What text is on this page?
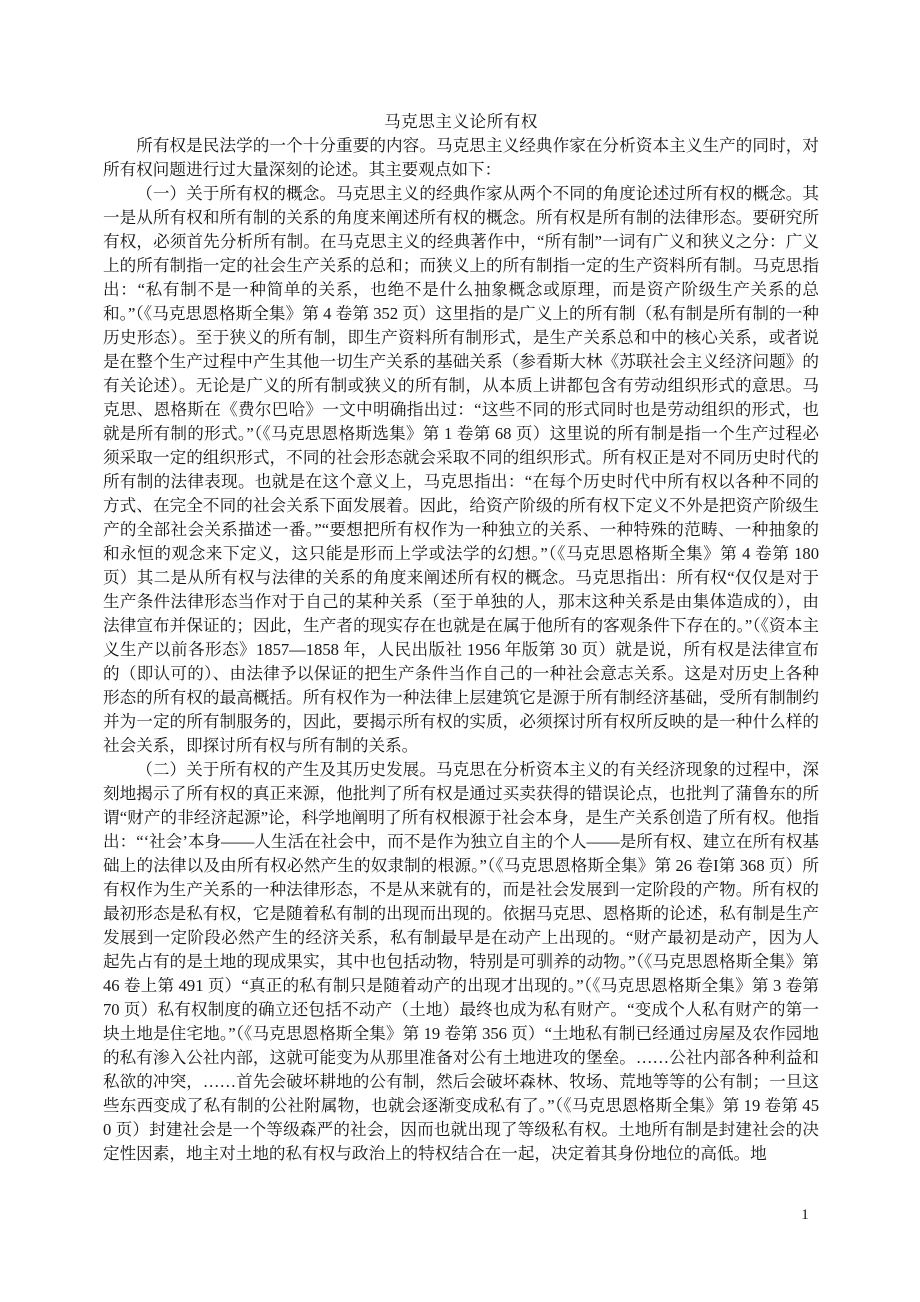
马克思主义论所有权

所有权是民法学的一个十分重要的内容。马克思主义经典作家在分析资本主义生产的同时，对所有权问题进行过大量深刻的论述。其主要观点如下：

（一）关于所有权的概念。马克思主义的经典作家从两个不同的角度论述过所有权的概念。其一是从所有权和所有制的关系的角度来阐述所有权的概念。所有权是所有制的法律形态。要研究所有权，必须首先分析所有制。在马克思主义的经典著作中，“所有制”一词有广义和狭义之分：广义上的所有制指一定的社会生产关系的总和；而狭义上的所有制指一定的生产资料所有制。马克思指出：“私有制不是一种简单的关系，也绝不是什么抽象概念或原理，而是资产阶级生产关系的总和。”（《马克思恩格斯全集》第 4 卷第 352 页）这里指的是广义上的所有制（私有制是所有制的一种历史形态）。至于狭义的所有制，即生产资料所有制形式，是生产关系总和中的核心关系，或者说是在整个生产过程中产生其他一切生产关系的基础关系（参看斯大林《苏联社会主义经济问题》的有关论述）。无论是广义的所有制或狭义的所有制，从本质上讲都包含有劳动组织形式的意思。马克思、恩格斯在《费尔巴哈》一文中明确指出过：“这些不同的形式同时也是劳动组织的形式，也就是所有制的形式。”（《马克思恩格斯选集》第 1 卷第 68 页）这里说的所有制是指一个生产过程必须采取一定的组织形式，不同的社会形态就会采取不同的组织形式。所有权正是对不同历史时代的所有制的法律表现。也就是在这个意义上，马克思指出：“在每个历史时代中所有权以各种不同的方式、在完全不同的社会关系下面发展着。因此，给资产阶级的所有权下定义不外是把资产阶级生产的全部社会关系描述一番。”“要想把所有权作为一种独立的关系、一种特殊的范畴、一种抽象的和永恒的观念来下定义，这只能是形而上学或法学的幻想。”（《马克思恩格斯全集》第 4 卷第 180 页）其二是从所有权与法律的关系的角度来阐述所有权的概念。马克思指出：所有权“仅仅是对于生产条件法律形态当作对于自己的某种关系（至于单独的人，那末这种关系是由集体造成的），由法律宣布并保证的；因此，生产者的现实存在也就是在属于他所有的客观条件下存在的。”（《资本主义生产以前各形态》1857—1858 年，人民出版社 1956 年版第 30 页）就是说，所有权是法律宣布的（即认可的）、由法律予以保证的把生产条件当作自己的一种社会意志关系。这是对历史上各种形态的所有权的最高概括。所有权作为一种法律上层建筑它是源于所有制经济基础，受所有制制约并为一定的所有制服务的，因此，要揭示所有权的实质，必须探讨所有权所反映的是一种什么样的社会关系，即探讨所有权与所有制的关系。

（二）关于所有权的产生及其历史发展。马克思在分析资本主义的有关经济现象的过程中，深刻地揭示了所有权的真正来源，他批判了所有权是通过买卖获得的错误论点，也批判了蒲鲁东的所谓“财产的非经济起源”论，科学地阐明了所有权根源于社会本身，是生产关系创造了所有权。他指出：“‘社会’本身——人生活在社会中，而不是作为独立自主的个人——是所有权、建立在所有权基础上的法律以及由所有权必然产生的奴隶制的根源。”（《马克思恩格斯全集》第 26 卷I第 368 页）所有权作为生产关系的一种法律形态，不是从来就有的，而是社会发展到一定阶段的产物。所有权的最初形态是私有权，它是随着私有制的出现而出现的。依据马克思、恩格斯的论述，私有制是生产发展到一定阶段必然产生的经济关系，私有制最早是在动产上出现的。“财产最初是动产，因为人起先占有的是土地的现成果实，其中也包括动物，特别是可驯养的动物。”（《马克思恩格斯全集》第 46 卷上第 491 页）“真正的私有制只是随着动产的出现才出现的。”（《马克思恩格斯全集》第 3 卷第 70 页）私有权制度的确立还包括不动产（土地）最终也成为私有财产。“变成个人私有财产的第一块土地是住宅地。”（《马克思恩格斯全集》第 19 卷第 356 页）“土地私有制已经通过房屋及农作园地的私有渗入公社内部，这就可能变为从那里准备对公有土地进攻的堡垒。……公社内部各种利益和私欲的冲突，……首先会破坏耕地的公有制，然后会破坏森林、牧场、荒地等等的公有制；一旦这些东西变成了私有制的公社附属物，也就会逐渐变成私有了。”（《马克思恩格斯全集》第 19 卷第 450 页）封建社会是一个等级森严的社会，因而也就出现了等级私有权。土地所有制是封建社会的决定性因素，地主对土地的私有权与政治上的特权结合在一起，决定着其身份地位的高低。地

1
